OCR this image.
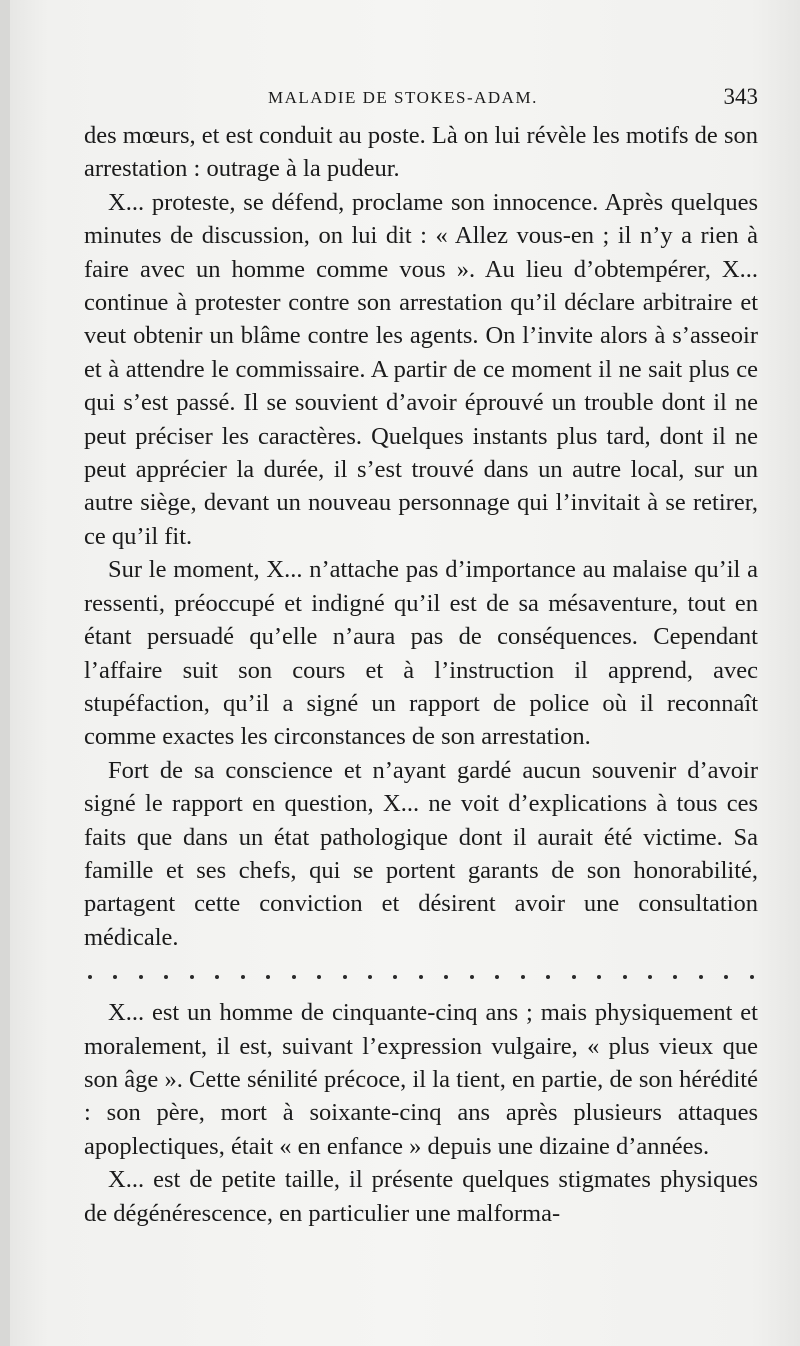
MALADIE DE STOKES-ADAM.	343

des mœurs, et est conduit au poste. Là on lui révèle les motifs de son arrestation : outrage à la pudeur.

X... proteste, se défend, proclame son innocence. Après quelques minutes de discussion, on lui dit : « Allez vous-en ; il n’y a rien à faire avec un homme comme vous ». Au lieu d’obtempérer, X... continue à protester contre son arrestation qu’il déclare arbitraire et veut obtenir un blâme contre les agents. On l’invite alors à s’asseoir et à attendre le commissaire. A partir de ce moment il ne sait plus ce qui s’est passé. Il se souvient d’avoir éprouvé un trouble dont il ne peut préciser les caractères. Quelques instants plus tard, dont il ne peut apprécier la durée, il s’est trouvé dans un autre local, sur un autre siège, devant un nouveau personnage qui l’invitait à se retirer, ce qu’il fit.

Sur le moment, X... n’attache pas d’importance au malaise qu’il a ressenti, préoccupé et indigné qu’il est de sa mésaventure, tout en étant persuadé qu’elle n’aura pas de conséquences. Cependant l’affaire suit son cours et à l’instruction il apprend, avec stupéfaction, qu’il a signé un rapport de police où il reconnaît comme exactes les circonstances de son arrestation.

Fort de sa conscience et n’ayant gardé aucun souvenir d’avoir signé le rapport en question, X... ne voit d’explications à tous ces faits que dans un état pathologique dont il aurait été victime. Sa famille et ses chefs, qui se portent garants de son honorabilité, partagent cette conviction et désirent avoir une consultation médicale.

X... est un homme de cinquante-cinq ans ; mais physiquement et moralement, il est, suivant l’expression vulgaire, « plus vieux que son âge ». Cette sénilité précoce, il la tient, en partie, de son hérédité : son père, mort à soixante-cinq ans après plusieurs attaques apoplectiques, était « en enfance » depuis une dizaine d’années.

X... est de petite taille, il présente quelques stigmates physiques de dégénérescence, en particulier une malforma-
